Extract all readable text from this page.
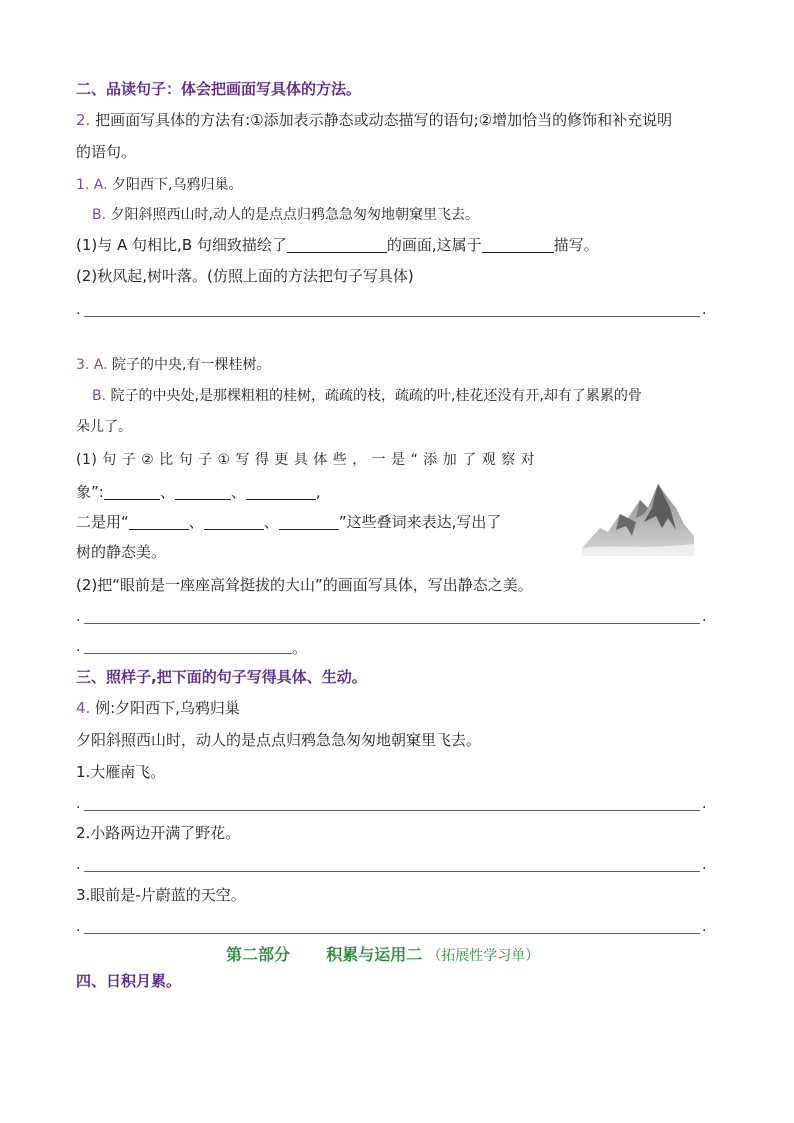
二、品读句子：体会把画面写具体的方法。
2. 把画面写具体的方法有:①添加表示静态或动态描写的语句;②增加恰当的修饰和补充说明
的语句。
1. A. 夕阳西下,乌鸦归巢。
B. 夕阳斜照西山时,动人的是点点归鸦急急匆匆地朝窠里飞去。
(1)与 A 句相比,B 句细致描绘了	的画面,这属于	描写。
(2)秋风起,树叶落。(仿照上面的方法把句子写具体)
.	.
3. A. 院子的中央,有一棵桂树。
B. 院子的中央处,是那棵粗粗的桂树，疏疏的枝，疏疏的叶,桂花还没有开,却有了累累的骨
朵儿了。
(1) 句 子 ② 比 句 子 ① 写 得 更 具 体 些 ， 一 是 “ 添 加 了 观 察 对
象”:	、	、	,
二是用“	、	、	”这些叠词来表达,写出了
树的静态美。
(2)把“眼前是一座座高耸挺拔的大山”的画面写具体，写出静态之美。
.	.
.	。
三、照样子,把下面的句子写得具体、生动。
4. 例:夕阳西下,乌鸦归巢
夕阳斜照西山时，动人的是点点归鸦急急匆匆地朝窠里飞去。
1.大雁南飞。
.	.
2.小路两边开满了野花。
.	.
3.眼前是-片蔚蓝的天空。
.	.
第二部分 积累与运用二 （拓展性学习单）
四、日积月累。
